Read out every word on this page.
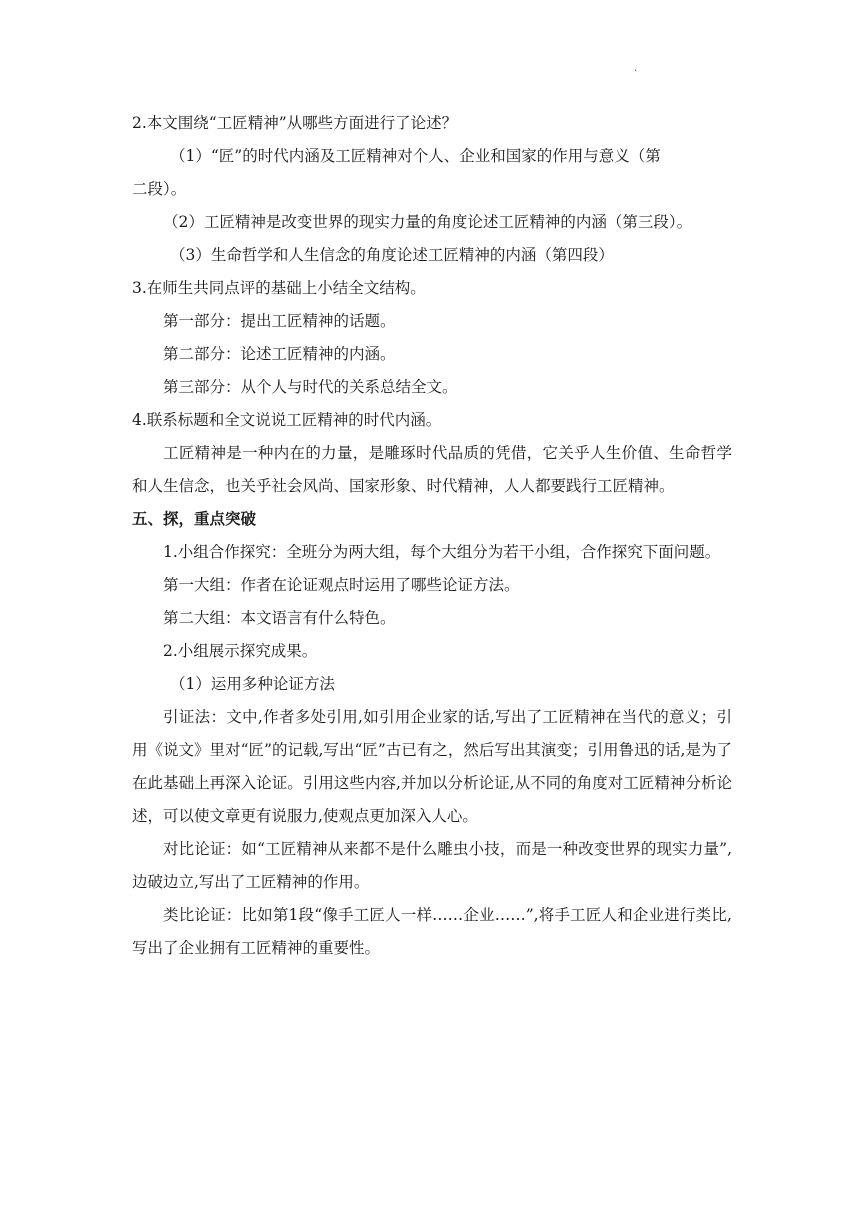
.

2.本文围绕“工匠精神”从哪些方面进行了论述？

（1）“匠”的时代内涵及工匠精神对个人、企业和国家的作用与意义（第

二段）。

（2）工匠精神是改变世界的现实力量的角度论述工匠精神的内涵（第三段）。

（3）生命哲学和人生信念的角度论述工匠精神的内涵（第四段）

3.在师生共同点评的基础上小结全文结构。

第一部分：提出工匠精神的话题。

第二部分：论述工匠精神的内涵。

第三部分：从个人与时代的关系总结全文。

4.联系标题和全文说说工匠精神的时代内涵。

工匠精神是一种内在的力量，是雕琢时代品质的凭借，它关乎人生价值、生命哲学和人生信念，也关乎社会风尚、国家形象、时代精神，人人都要践行工匠精神。

五、探，重点突破

1.小组合作探究：全班分为两大组，每个大组分为若干小组，合作探究下面问题。

第一大组：作者在论证观点时运用了哪些论证方法。

第二大组：本文语言有什么特色。

2.小组展示探究成果。

（1）运用多种论证方法

引证法：文中,作者多处引用,如引用企业家的话,写出了工匠精神在当代的意义；引用《说文》里对“匠”的记载,写出“匠”古已有之，然后写出其演变；引用鲁迅的话,是为了在此基础上再深入论证。引用这些内容,并加以分析论证,从不同的角度对工匠精神分析论述，可以使文章更有说服力,使观点更加深入人心。

对比论证：如“工匠精神从来都不是什么雕虫小技，而是一种改变世界的现实力量”,边破边立,写出了工匠精神的作用。

类比论证：比如第1段“像手工匠人一样……企业……”,将手工匠人和企业进行类比,写出了企业拥有工匠精神的重要性。
